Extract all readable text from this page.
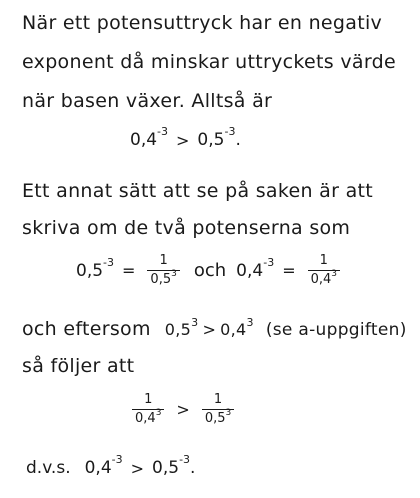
När ett potensuttryck har en negativ
exponent då minskar uttryckets värde
när basen växer. Alltså är
$0,4^{-3} > 0,5^{-3}$.
Ett annat sätt att se på saken är att
skriva om de två potenserna som
$0,5^{-3} = \frac{1}{0,5^3}$ och $0,4^{-3} = \frac{1}{0,4^3}$
och eftersom $0,5^3 > 0,4^3$ (se a-uppgiften)
så följer att
$\frac{1}{0,4^3} > \frac{1}{0,5^3}$
d.v.s. $0,4^{-3} > 0,5^{-3}$.
